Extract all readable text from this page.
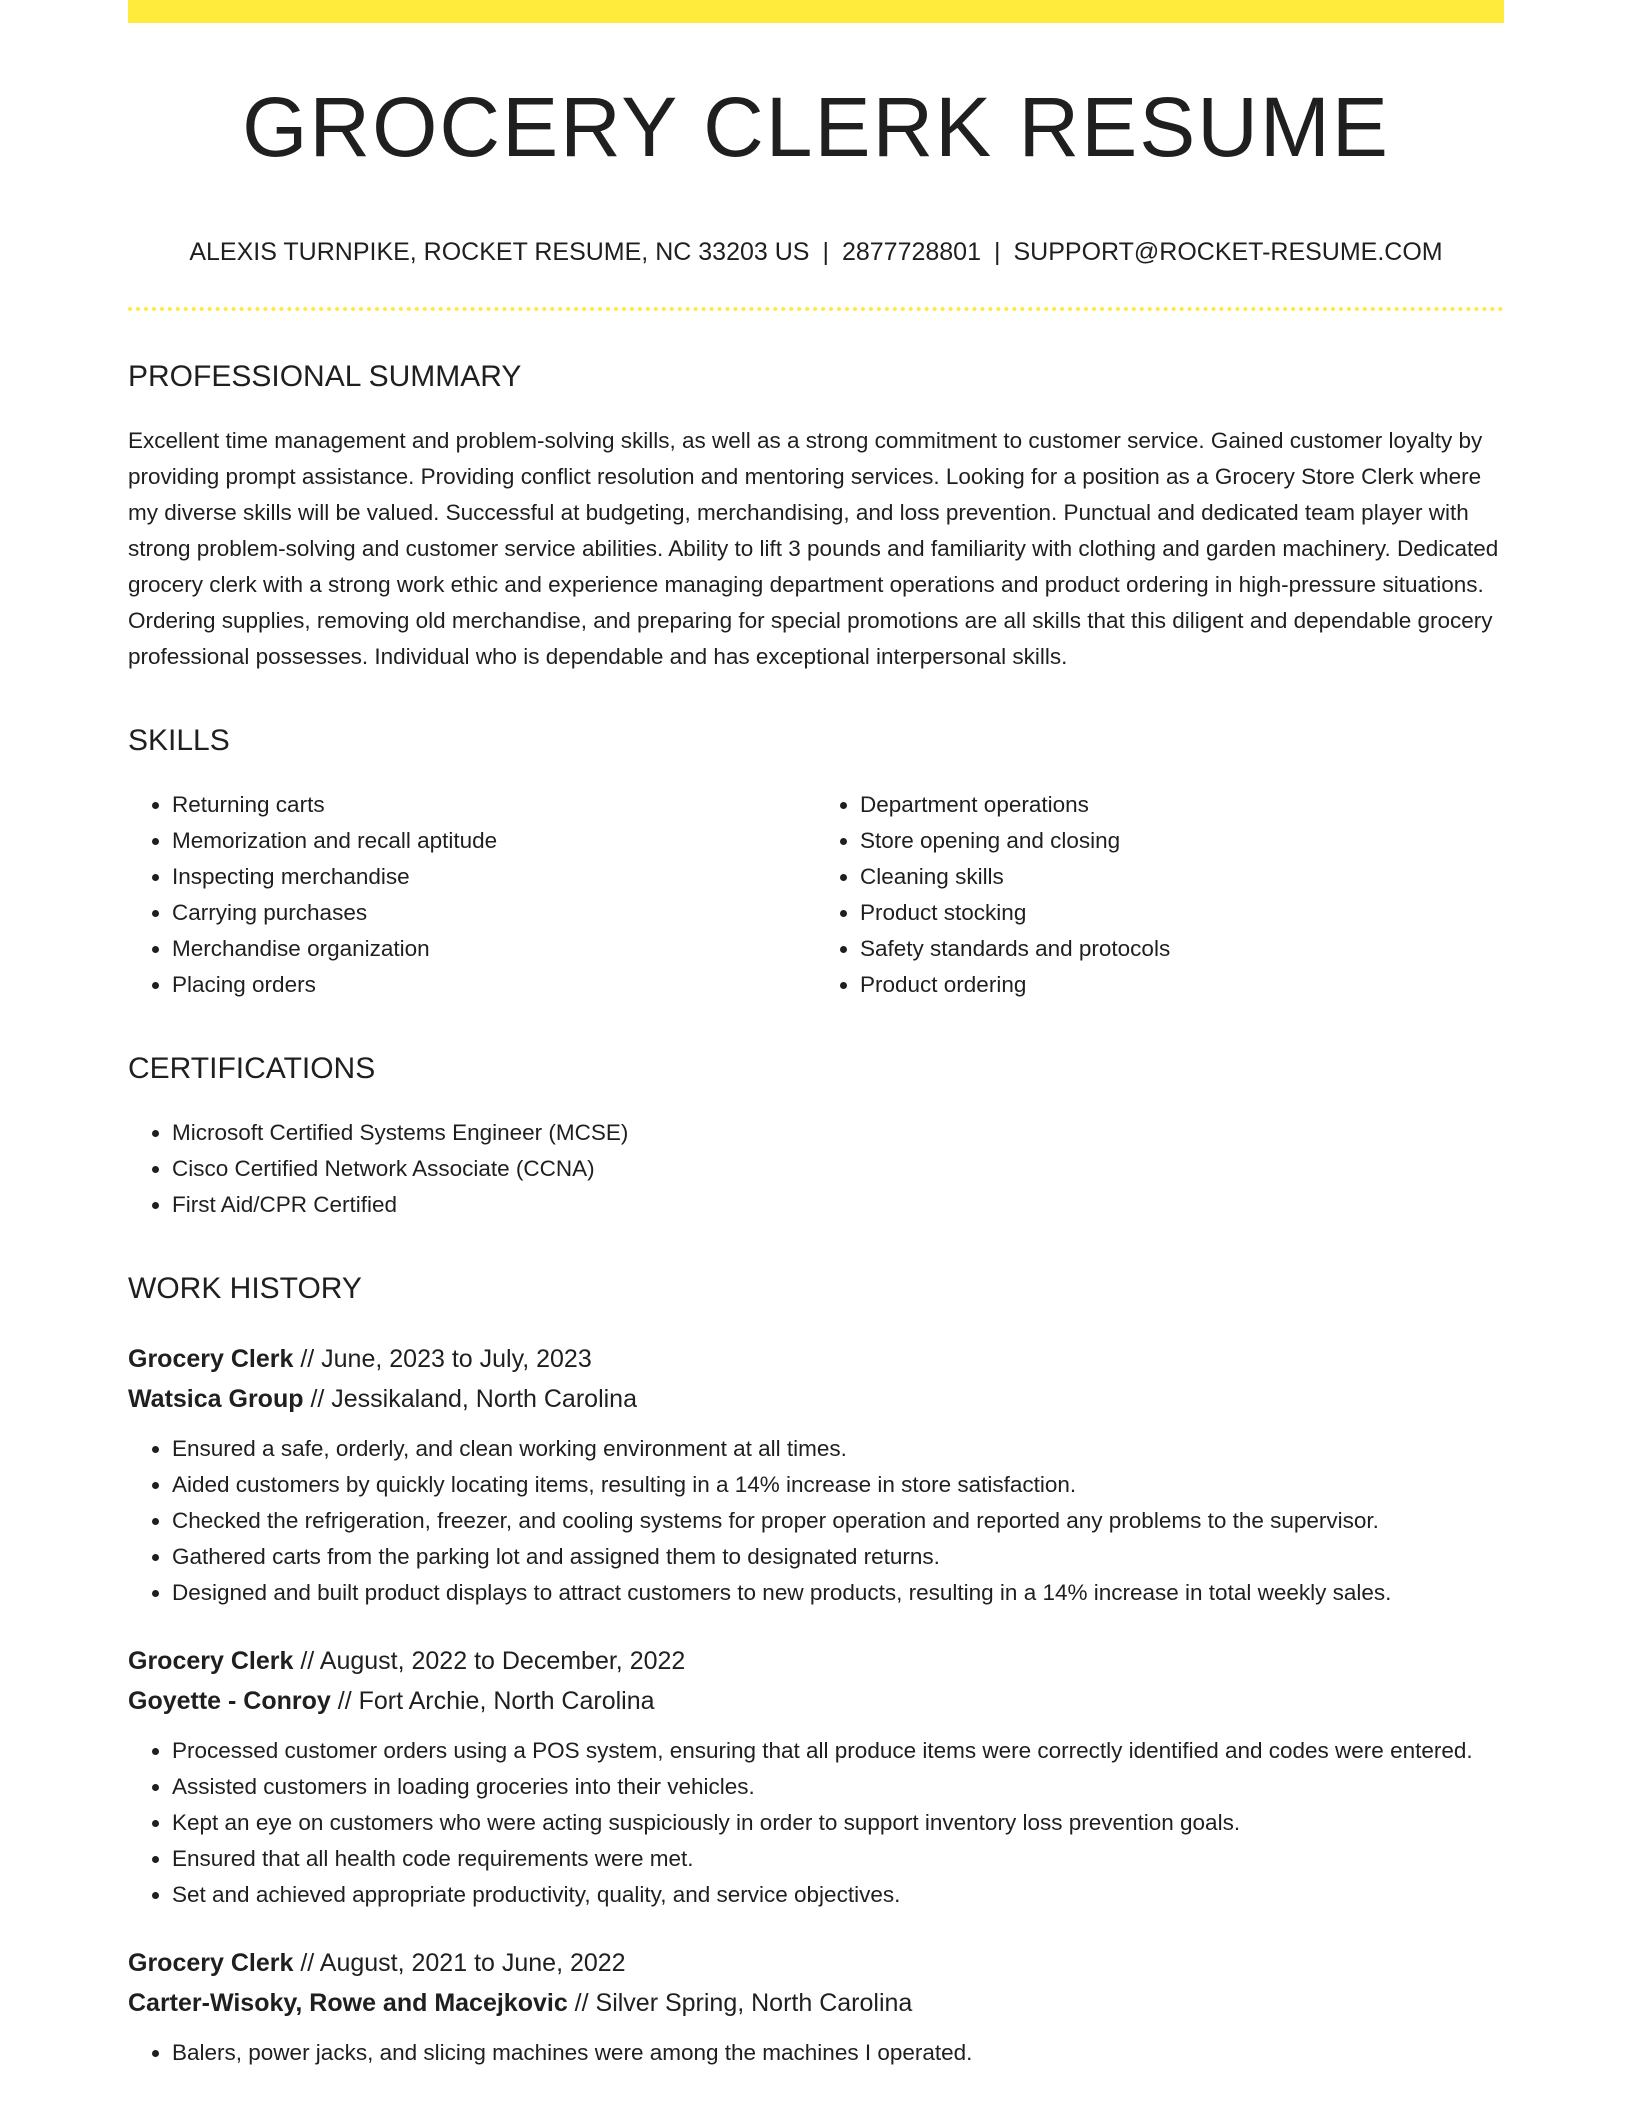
GROCERY CLERK RESUME
ALEXIS TURNPIKE, ROCKET RESUME, NC 33203 US | 2877728801 | SUPPORT@ROCKET-RESUME.COM
PROFESSIONAL SUMMARY

Excellent time management and problem-solving skills, as well as a strong commitment to customer service. Gained customer loyalty by providing prompt assistance. Providing conflict resolution and mentoring services. Looking for a position as a Grocery Store Clerk where my diverse skills will be valued. Successful at budgeting, merchandising, and loss prevention. Punctual and dedicated team player with strong problem-solving and customer service abilities. Ability to lift 3 pounds and familiarity with clothing and garden machinery. Dedicated grocery clerk with a strong work ethic and experience managing department operations and product ordering in high-pressure situations. Ordering supplies, removing old merchandise, and preparing for special promotions are all skills that this diligent and dependable grocery professional possesses. Individual who is dependable and has exceptional interpersonal skills.

SKILLS
• Returning carts
• Memorization and recall aptitude
• Inspecting merchandise
• Carrying purchases
• Merchandise organization
• Placing orders
• Department operations
• Store opening and closing
• Cleaning skills
• Product stocking
• Safety standards and protocols
• Product ordering
CERTIFICATIONS
• Microsoft Certified Systems Engineer (MCSE)
• Cisco Certified Network Associate (CCNA)
• First Aid/CPR Certified
WORK HISTORY
Grocery Clerk // June, 2023 to July, 2023
Watsica Group // Jessikaland, North Carolina
• Ensured a safe, orderly, and clean working environment at all times.
• Aided customers by quickly locating items, resulting in a 14% increase in store satisfaction.
• Checked the refrigeration, freezer, and cooling systems for proper operation and reported any problems to the supervisor.
• Gathered carts from the parking lot and assigned them to designated returns.
• Designed and built product displays to attract customers to new products, resulting in a 14% increase in total weekly sales.
Grocery Clerk // August, 2022 to December, 2022
Goyette - Conroy // Fort Archie, North Carolina
• Processed customer orders using a POS system, ensuring that all produce items were correctly identified and codes were entered.
• Assisted customers in loading groceries into their vehicles.
• Kept an eye on customers who were acting suspiciously in order to support inventory loss prevention goals.
• Ensured that all health code requirements were met.
• Set and achieved appropriate productivity, quality, and service objectives.
Grocery Clerk // August, 2021 to June, 2022
Carter-Wisoky, Rowe and Macejkovic // Silver Spring, North Carolina
• Balers, power jacks, and slicing machines were among the machines I operated.
